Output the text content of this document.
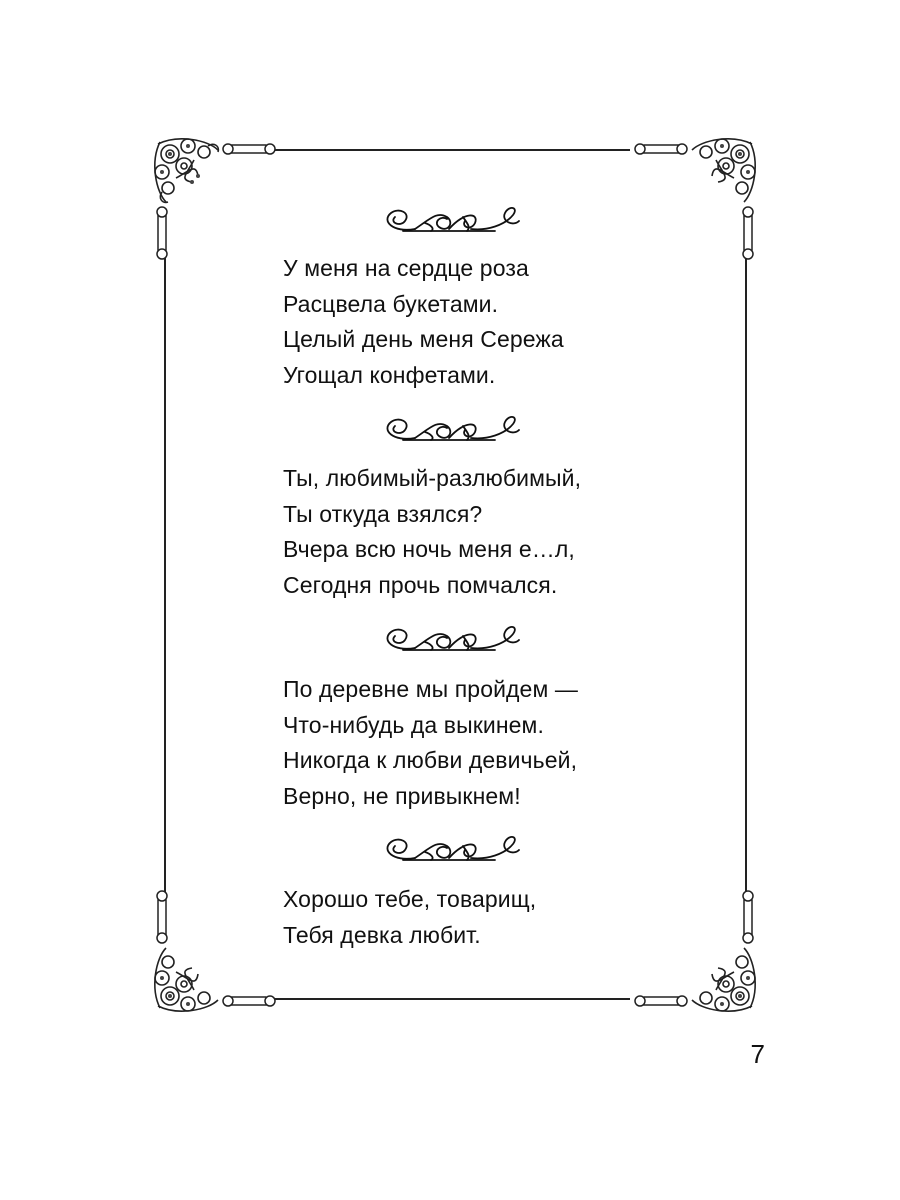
У меня на сердце роза
Расцвела букетами.
Целый день меня Сережа
Угощал конфетами.
Ты, любимый-разлюбимый,
Ты откуда взялся?
Вчера всю ночь меня е…л,
Сегодня прочь помчался.
По деревне мы пройдем —
Что-нибудь да выкинем.
Никогда к любви девичьей,
Верно, не привыкнем!
Хорошо тебе, товарищ,
Тебя девка любит.
7
